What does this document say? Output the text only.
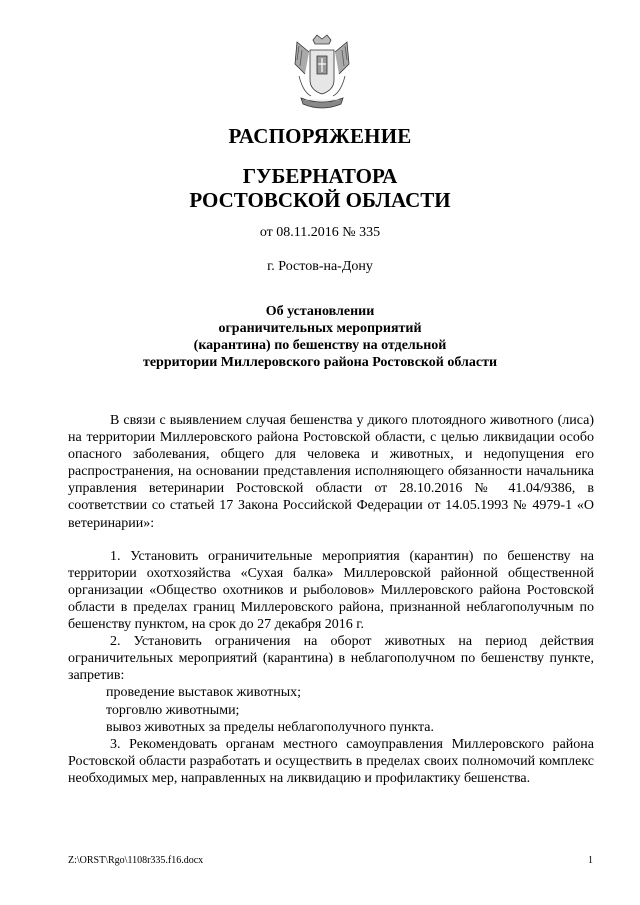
РАСПОРЯЖЕНИЕ
ГУБЕРНАТОРА
РОСТОВСКОЙ ОБЛАСТИ
от 08.11.2016 № 335
г. Ростов-на-Дону
Об установлении
ограничительных мероприятий
(карантина) по бешенству на отдельной
территории Миллеровского района Ростовской области

В связи с выявлением случая бешенства у дикого плотоядного животного (лиса) на территории Миллеровского района Ростовской области, с целью ликвидации особо опасного заболевания, общего для человека и животных, и недопущения его распространения, на основании представления исполняющего обязанности начальника управления ветеринарии Ростовской области от 28.10.2016 № 41.04/9386, в соответствии со статьей 17 Закона Российской Федерации от 14.05.1993 № 4979-1 «О ветеринарии»:

1. Установить ограничительные мероприятия (карантин) по бешенству на территории охотхозяйства «Сухая балка» Миллеровской районной общественной организации «Общество охотников и рыболовов» Миллеровского района Ростовской области в пределах границ Миллеровского района, признанной неблагополучным по бешенству пунктом, на срок до 27 декабря 2016 г.

2. Установить ограничения на оборот животных на период действия ограничительных мероприятий (карантина) в неблагополучном по бешенству пункте, запретив:

проведение выставок животных;

торговлю животными;

вывоз животных за пределы неблагополучного пункта.

3. Рекомендовать органам местного самоуправления Миллеровского района Ростовской области разработать и осуществить в пределах своих полномочий комплекс необходимых мер, направленных на ликвидацию и профилактику бешенства.

Z:\ORST\Rgo\1108r335.f16.docx	1
